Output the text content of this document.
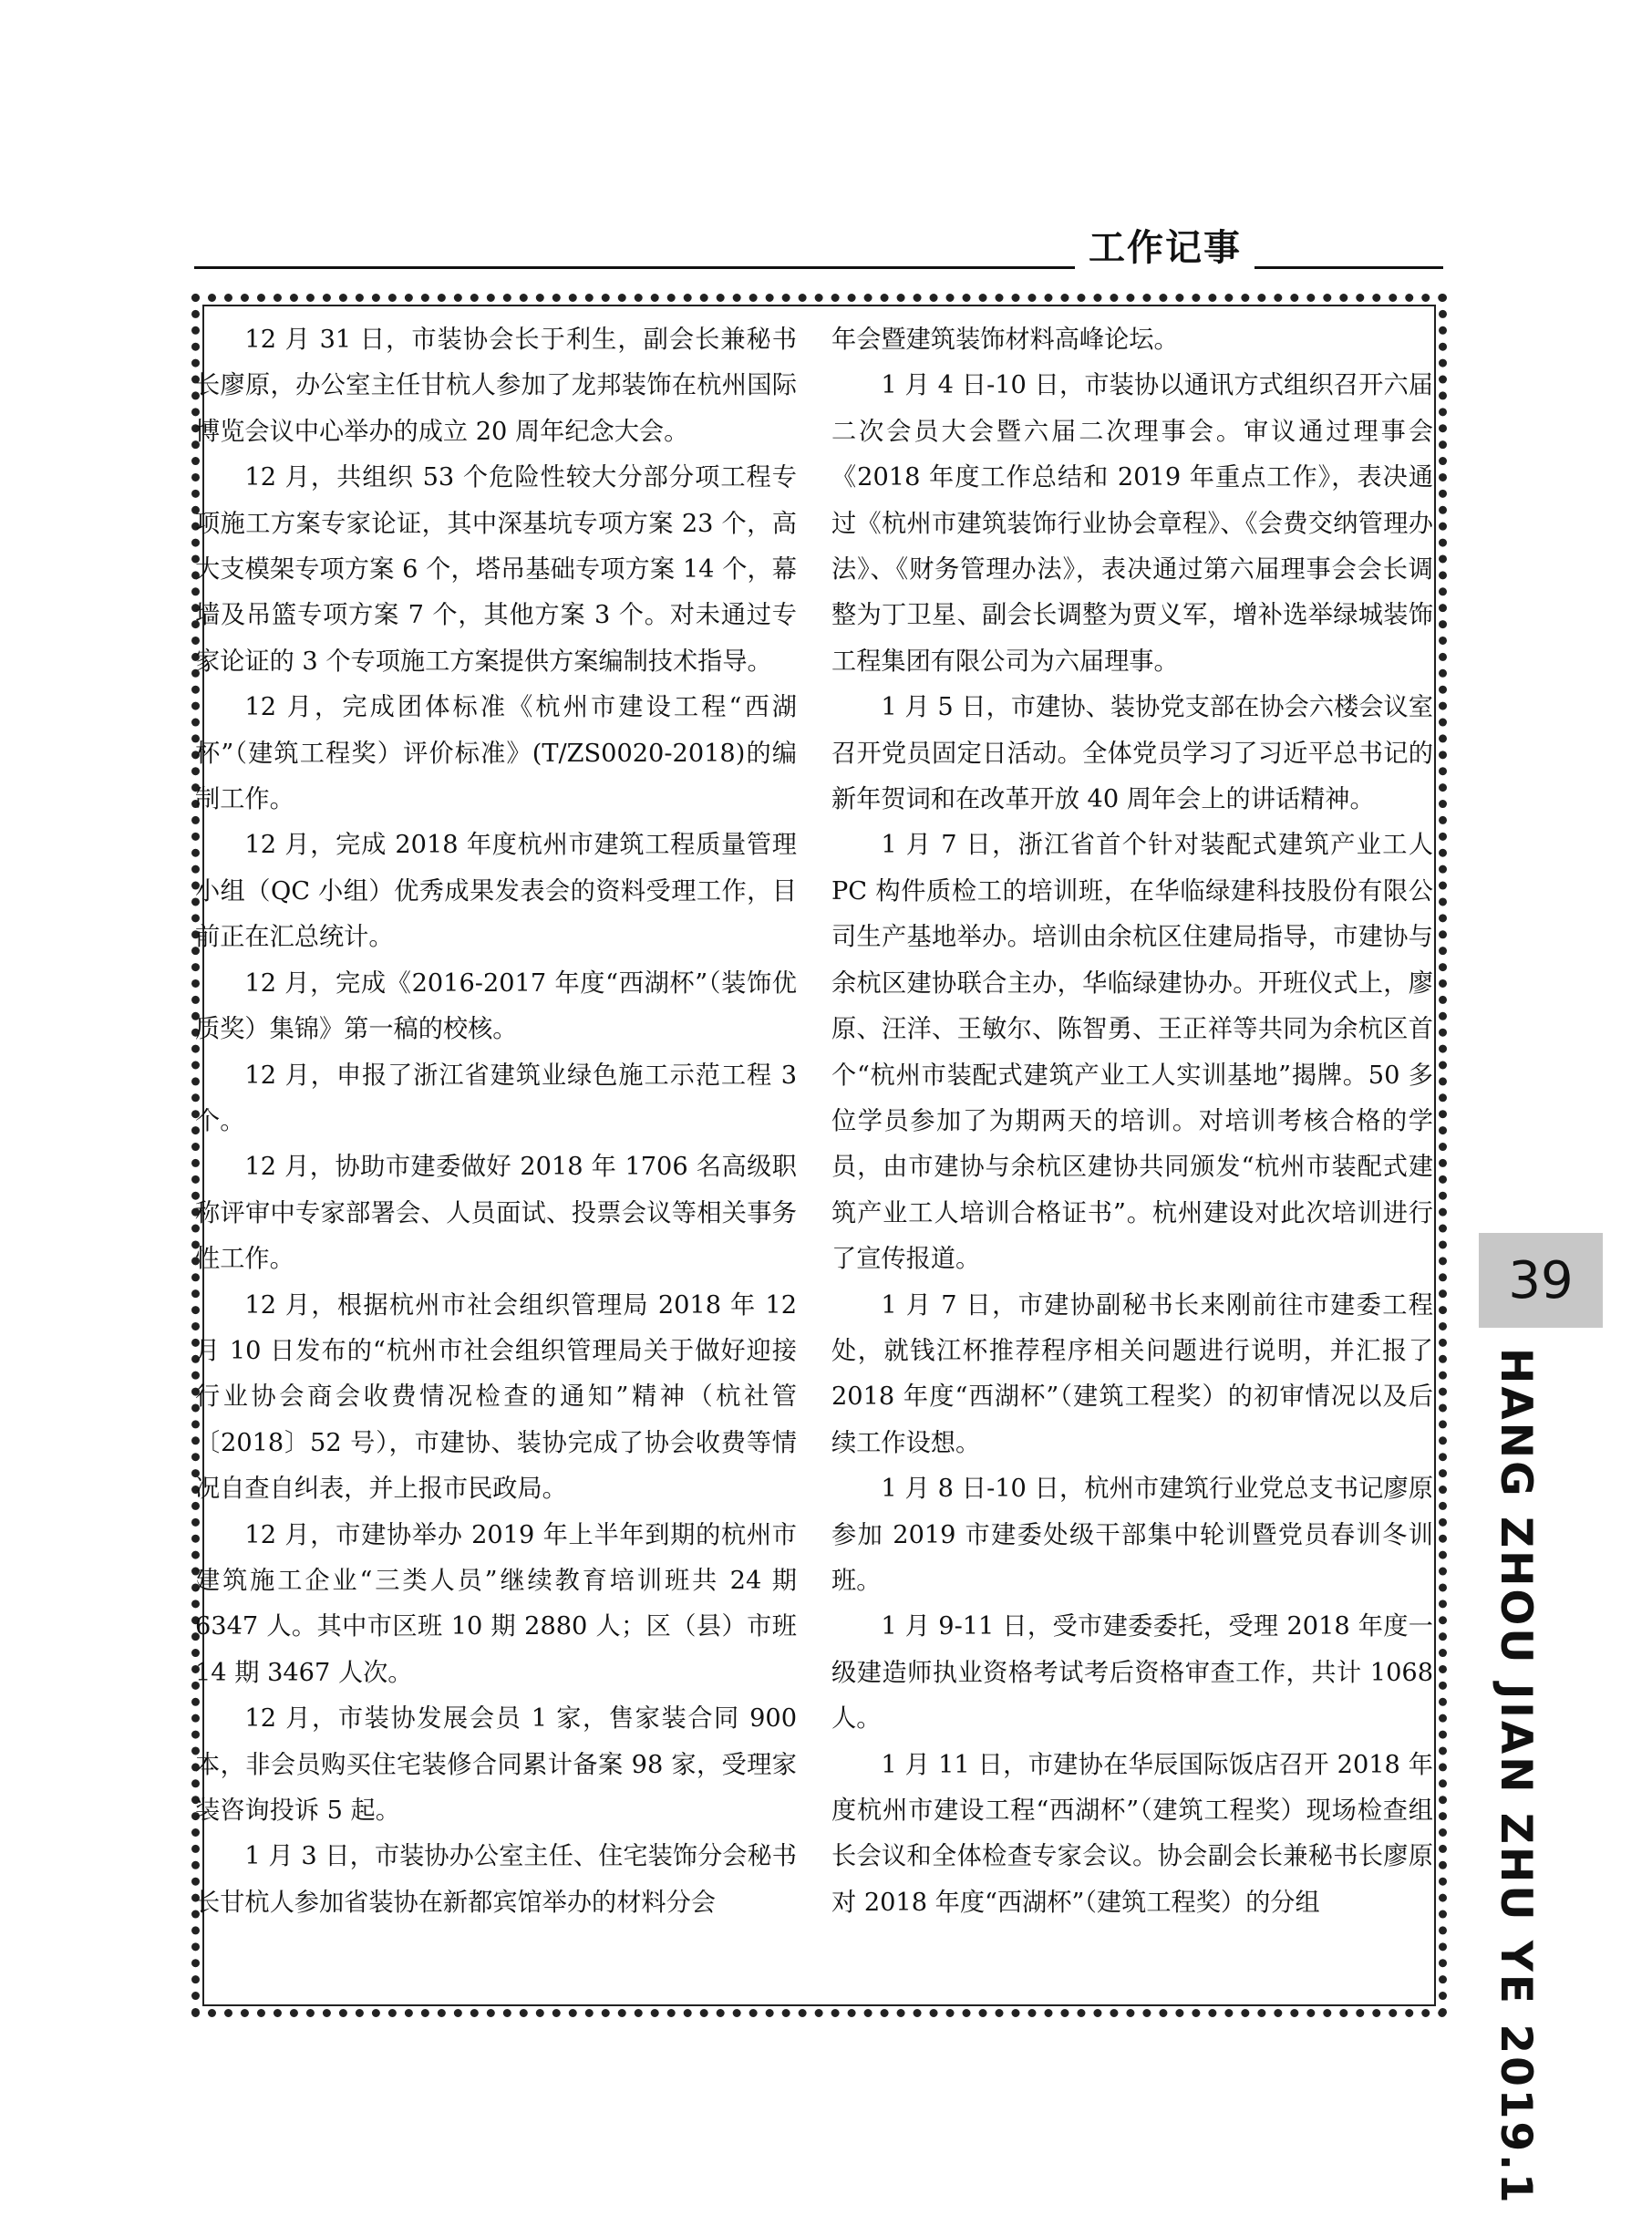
工作记事

12 月 31 日，市装协会长于利生，副会长兼秘书长廖原，办公室主任甘杭人参加了龙邦装饰在杭州国际博览会议中心举办的成立 20 周年纪念大会。

12 月，共组织 53 个危险性较大分部分项工程专项施工方案专家论证，其中深基坑专项方案 23 个，高大支模架专项方案 6 个，塔吊基础专项方案 14 个，幕墙及吊篮专项方案 7 个，其他方案 3 个。对未通过专家论证的 3 个专项施工方案提供方案编制技术指导。

12 月，完成团体标准《杭州市建设工程“西湖杯”（建筑工程奖）评价标准》(T/ZS0020-2018)的编制工作。

12 月，完成 2018 年度杭州市建筑工程质量管理小组（QC 小组）优秀成果发表会的资料受理工作，目前正在汇总统计。

12 月，完成《2016-2017 年度“西湖杯”（装饰优质奖）集锦》第一稿的校核。

12 月，申报了浙江省建筑业绿色施工示范工程 3 个。

12 月，协助市建委做好 2018 年 1706 名高级职称评审中专家部署会、人员面试、投票会议等相关事务性工作。

12 月，根据杭州市社会组织管理局 2018 年 12 月 10 日发布的“杭州市社会组织管理局关于做好迎接行业协会商会收费情况检查的通知”精神（杭社管〔2018〕52 号），市建协、装协完成了协会收费等情况自查自纠表，并上报市民政局。

12 月，市建协举办 2019 年上半年到期的杭州市建筑施工企业“三类人员”继续教育培训班共 24 期 6347 人。其中市区班 10 期 2880 人；区（县）市班 14 期 3467 人次。

12 月，市装协发展会员 1 家，售家装合同 900 本，非会员购买住宅装修合同累计备案 98 家，受理家装咨询投诉 5 起。

1 月 3 日，市装协办公室主任、住宅装饰分会秘书长甘杭人参加省装协在新都宾馆举办的材料分会

年会暨建筑装饰材料高峰论坛。

1 月 4 日-10 日，市装协以通讯方式组织召开六届二次会员大会暨六届二次理事会。审议通过理事会《2018 年度工作总结和 2019 年重点工作》，表决通过《杭州市建筑装饰行业协会章程》、《会费交纳管理办法》、《财务管理办法》，表决通过第六届理事会会长调整为丁卫星、副会长调整为贾义军，增补选举绿城装饰工程集团有限公司为六届理事。

1 月 5 日，市建协、装协党支部在协会六楼会议室召开党员固定日活动。全体党员学习了习近平总书记的新年贺词和在改革开放 40 周年会上的讲话精神。

1 月 7 日，浙江省首个针对装配式建筑产业工人 PC 构件质检工的培训班，在华临绿建科技股份有限公司生产基地举办。培训由余杭区住建局指导，市建协与余杭区建协联合主办，华临绿建协办。开班仪式上，廖原、汪洋、王敏尔、陈智勇、王正祥等共同为余杭区首个“杭州市装配式建筑产业工人实训基地”揭牌。50 多位学员参加了为期两天的培训。对培训考核合格的学员，由市建协与余杭区建协共同颁发“杭州市装配式建筑产业工人培训合格证书”。杭州建设对此次培训进行了宣传报道。

1 月 7 日，市建协副秘书长来刚前往市建委工程处，就钱江杯推荐程序相关问题进行说明，并汇报了 2018 年度“西湖杯”（建筑工程奖）的初审情况以及后续工作设想。

1 月 8 日-10 日，杭州市建筑行业党总支书记廖原参加 2019 市建委处级干部集中轮训暨党员春训冬训班。

1 月 9-11 日，受市建委委托，受理 2018 年度一级建造师执业资格考试考后资格审查工作，共计 1068 人。

1 月 11 日，市建协在华辰国际饭店召开 2018 年度杭州市建设工程“西湖杯”（建筑工程奖）现场检查组长会议和全体检查专家会议。协会副会长兼秘书长廖原对 2018 年度“西湖杯”（建筑工程奖）的分组

39
HANG ZHOU JIAN ZHU YE 2019.1
